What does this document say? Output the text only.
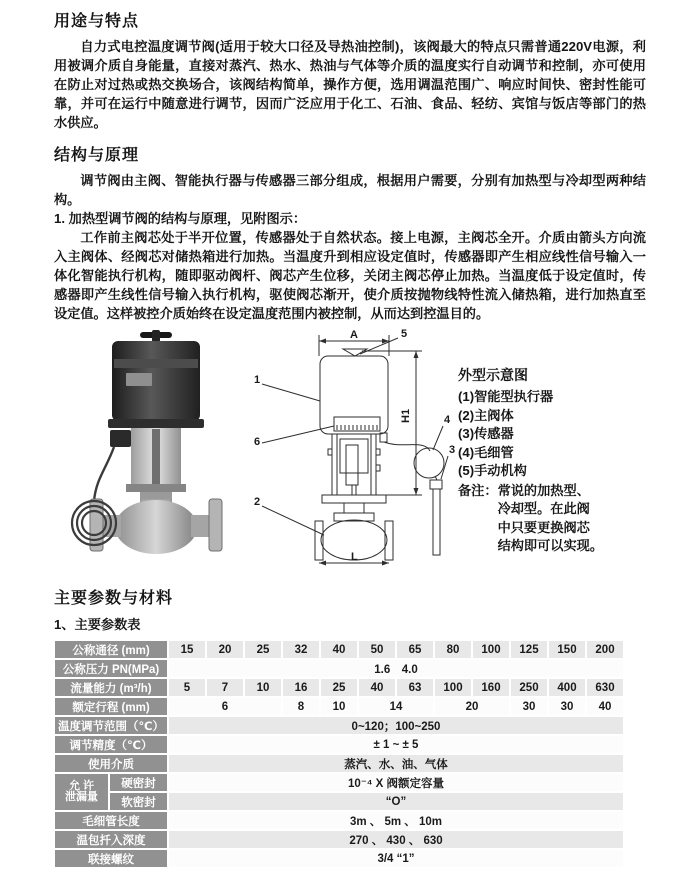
用途与特点

自力式电控温度调节阀(适用于较大口径及导热油控制)，该阀最大的特点只需普通220V电源，利用被调介质自身能量，直接对蒸汽、热水、热油与气体等介质的温度实行自动调节和控制，亦可使用在防止对过热或热交换场合，该阀结构简单，操作方便，选用调温范围广、响应时间快、密封性能可靠，并可在运行中随意进行调节，因而广泛应用于化工、石油、食品、轻纺、宾馆与饭店等部门的热水供应。

结构与原理

调节阀由主阀、智能执行器与传感器三部分组成，根据用户需要，分别有加热型与冷却型两种结构。

1. 加热型调节阀的结构与原理，见附图示：

工作前主阀芯处于半开位置，传感器处于自然状态。接上电源，主阀芯全开。介质由箭头方向流入主阀体、经阀芯对储热箱进行加热。当温度升到相应设定值时，传感器即产生相应线性信号输入一体化智能执行机构，随即驱动阀杆、阀芯产生位移，关闭主阀芯停止加热。当温度低于设定值时，传感器即产生线性信号输入执行机构，驱使阀芯渐开，使介质按抛物线特性流入储热箱，进行加热直至设定值。这样被控介质始终在设定温度范围内被控制，从而达到控温目的。

A	5
1
6
H1	4
3
2
L
外型示意图
(1)智能型执行器
(2)主阀体
(3)传感器
(4)毛细管
(5)手动机构
备注： 常说的加热型、
冷却型。在此阀
中只要更换阀芯
结构即可以实现。
主要参数与材料
1、主要参数表
公称通径 (mm)		15	20	25	32	40	50	65	80	100	125	150	200
公称压力 PN(MPa)		1.6　4.0											
流量能力 (m³/h)		5	7	10	16	25	40	63	100	160	250	400	630
额定行程 (mm)		6			8	10	14		20		30	30	40
温度调节范围（℃）		0~120；100~250											
调节精度（℃）		± 1 ~ ± 5											
使用介质		蒸汽、水、油、气体											

允 许
泄漏量	硬密封	10⁻⁴ X 阀额定容量											
	软密封	“O”											
毛细管长度		3m 、 5m 、 10m											
温包扦入深度		270 、 430 、 630											
联接螺纹		3/4 “1”											
